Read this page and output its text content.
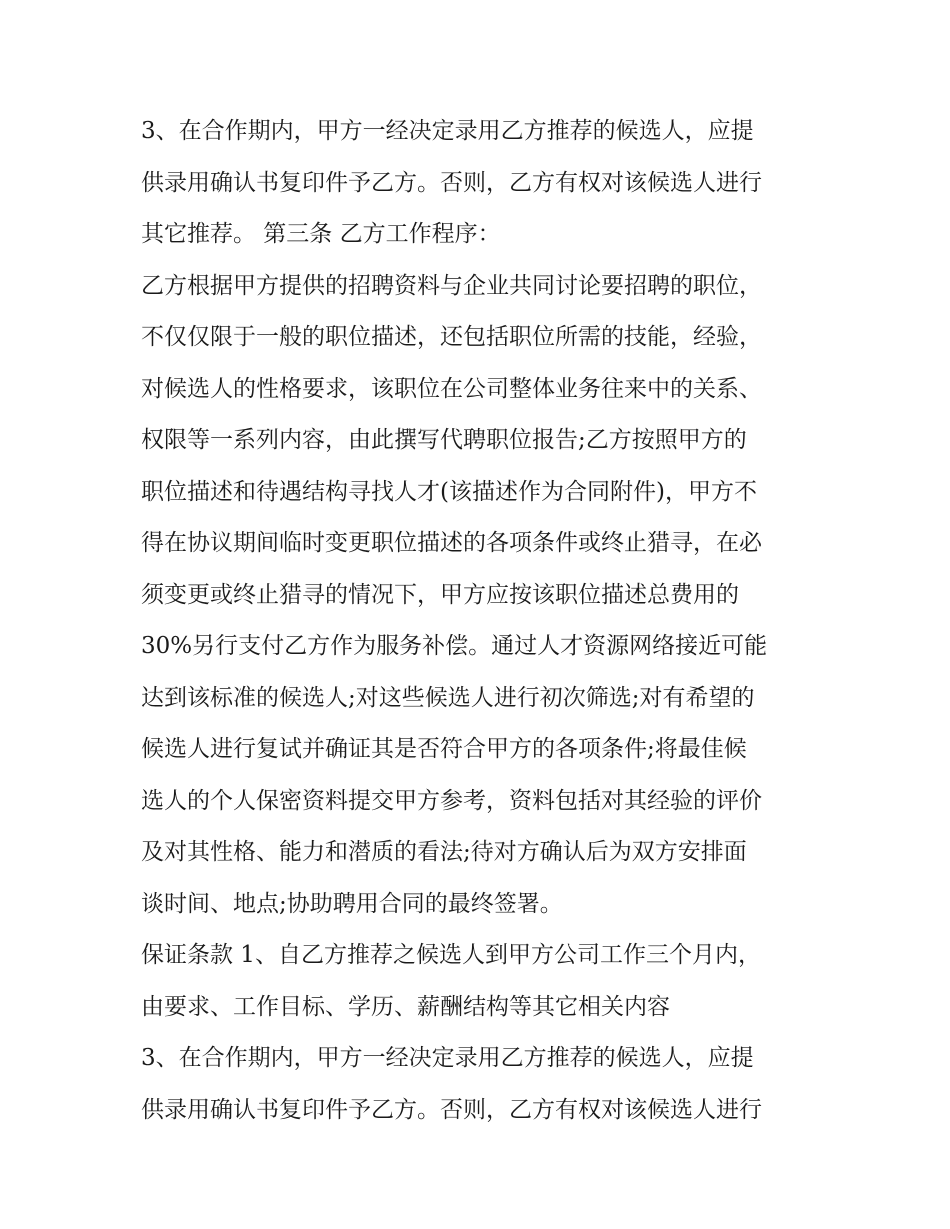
3、在合作期内，甲方一经决定录用乙方推荐的候选人，应提
供录用确认书复印件予乙方。否则，乙方有权对该候选人进行
其它推荐。 第三条 乙方工作程序：
乙方根据甲方提供的招聘资料与企业共同讨论要招聘的职位，
不仅仅限于一般的职位描述，还包括职位所需的技能，经验，
对候选人的性格要求，该职位在公司整体业务往来中的关系、
权限等一系列内容，由此撰写代聘职位报告;乙方按照甲方的
职位描述和待遇结构寻找人才(该描述作为合同附件)，甲方不
得在协议期间临时变更职位描述的各项条件或终止猎寻，在必
须变更或终止猎寻的情况下，甲方应按该职位描述总费用的
30%另行支付乙方作为服务补偿。通过人才资源网络接近可能
达到该标准的候选人;对这些候选人进行初次筛选;对有希望的
候选人进行复试并确证其是否符合甲方的各项条件;将最佳候
选人的个人保密资料提交甲方参考，资料包括对其经验的评价
及对其性格、能力和潜质的看法;待对方确认后为双方安排面
谈时间、地点;协助聘用合同的最终签署。
保证条款 1、自乙方推荐之候选人到甲方公司工作三个月内，
由要求、工作目标、学历、薪酬结构等其它相关内容
3、在合作期内，甲方一经决定录用乙方推荐的候选人，应提
供录用确认书复印件予乙方。否则，乙方有权对该候选人进行
